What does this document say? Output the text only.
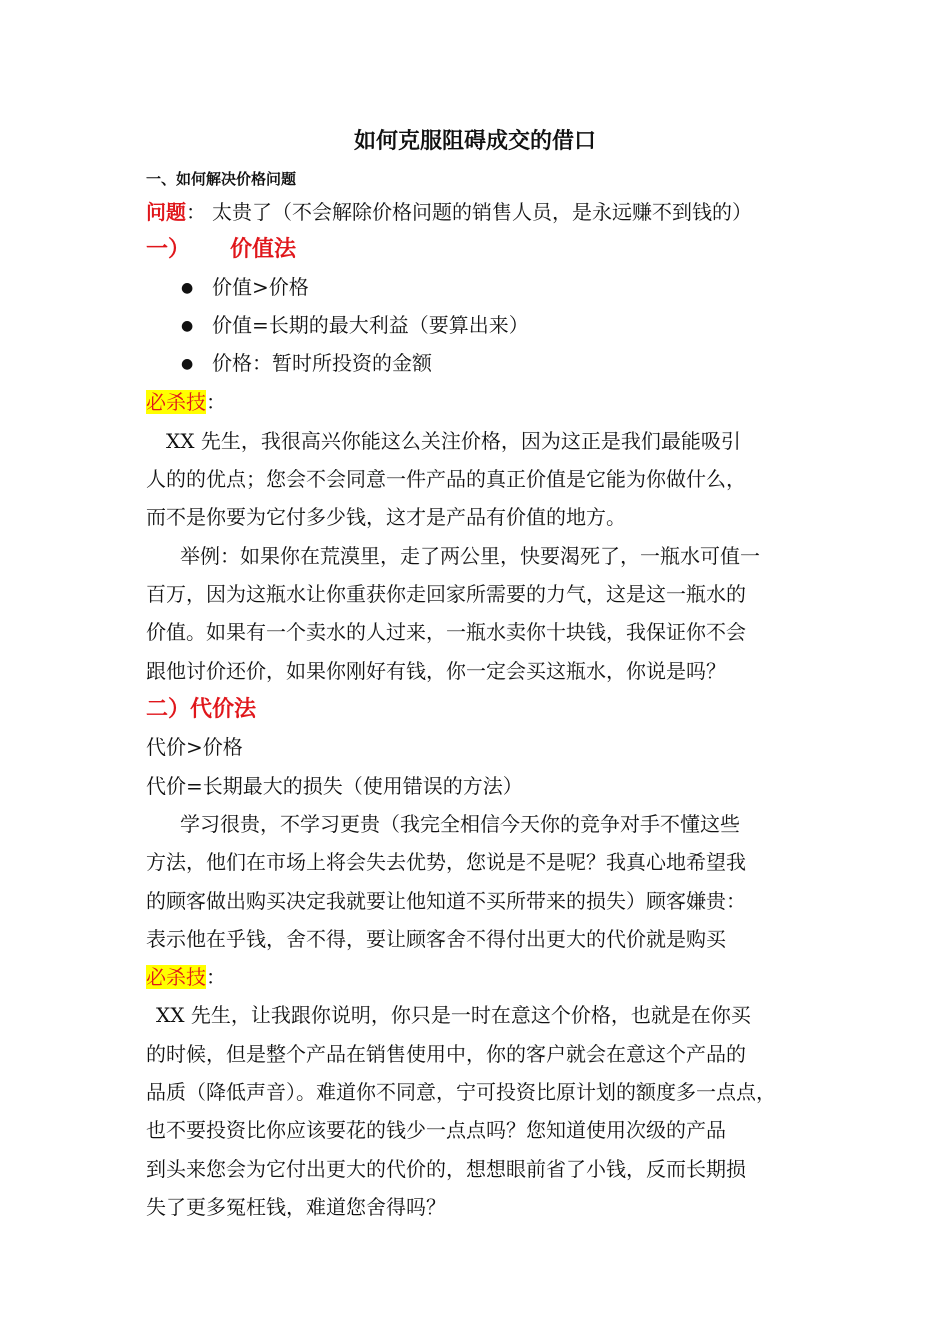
如何克服阻碍成交的借口
一、如何解决价格问题
问题： 太贵了（不会解除价格问题的销售人员，是永远赚不到钱的）
一） 价值法
● 价值>价格
● 价值=长期的最大利益（要算出来）
● 价格：暂时所投资的金额
必杀技：
XX 先生，我很高兴你能这么关注价格，因为这正是我们最能吸引
人的的优点；您会不会同意一件产品的真正价值是它能为你做什么，
而不是你要为它付多少钱，这才是产品有价值的地方。
举例：如果你在荒漠里，走了两公里，快要渴死了，一瓶水可值一
百万，因为这瓶水让你重获你走回家所需要的力气，这是这一瓶水的
价值。如果有一个卖水的人过来，一瓶水卖你十块钱，我保证你不会
跟他讨价还价，如果你刚好有钱，你一定会买这瓶水，你说是吗？
二）代价法
代价>价格
代价=长期最大的损失（使用错误的方法）
学习很贵，不学习更贵（我完全相信今天你的竞争对手不懂这些
方法，他们在市场上将会失去优势，您说是不是呢？我真心地希望我
的顾客做出购买决定我就要让他知道不买所带来的损失）顾客嫌贵：
表示他在乎钱，舍不得，要让顾客舍不得付出更大的代价就是购买
必杀技：
XX 先生，让我跟你说明，你只是一时在意这个价格，也就是在你买
的时候，但是整个产品在销售使用中，你的客户就会在意这个产品的
品质（降低声音）。难道你不同意，宁可投资比原计划的额度多一点点，
也不要投资比你应该要花的钱少一点点吗？您知道使用次级的产品
到头来您会为它付出更大的代价的，想想眼前省了小钱，反而长期损
失了更多冤枉钱，难道您舍得吗？
